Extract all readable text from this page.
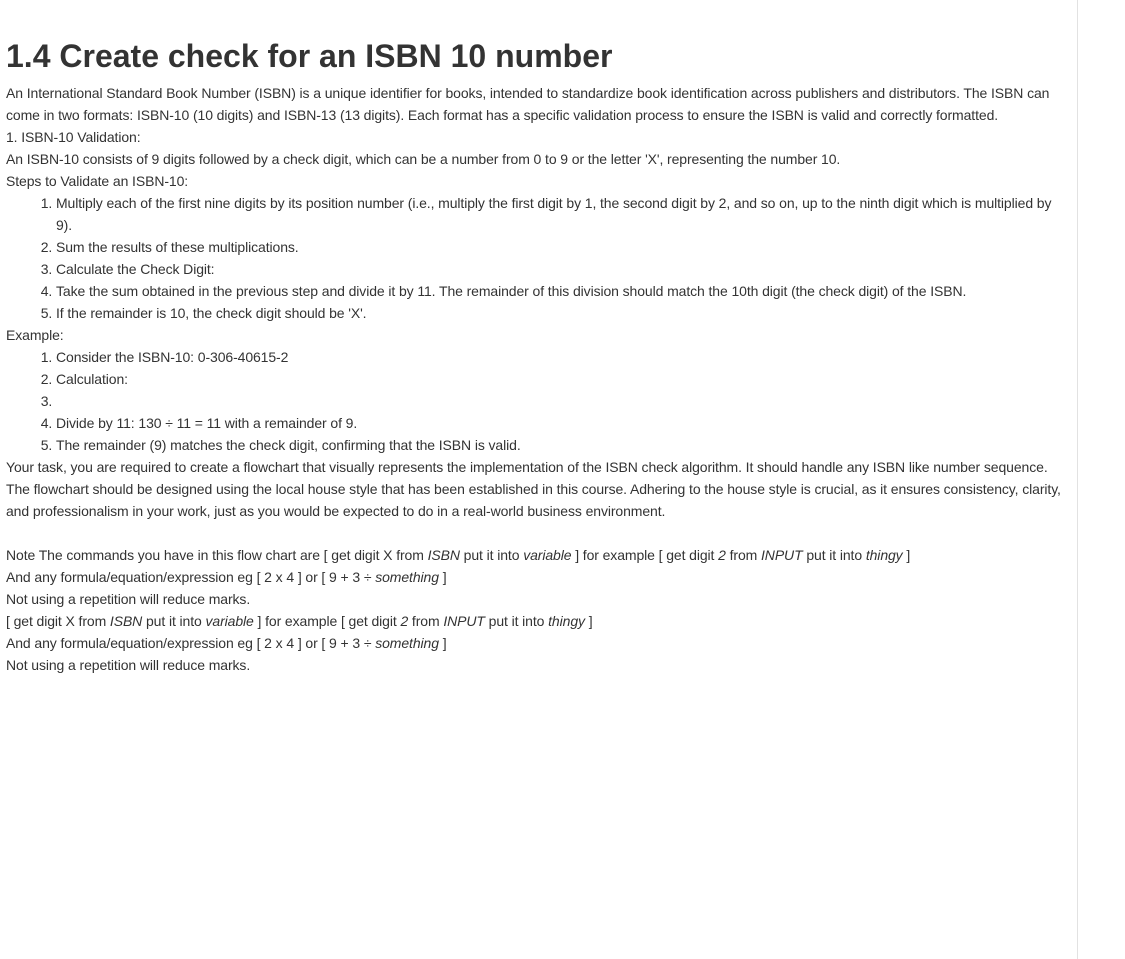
1.4 Create check for an ISBN 10 number

An International Standard Book Number (ISBN) is a unique identifier for books, intended to standardize book identification across publishers and distributors. The ISBN can come in two formats: ISBN-10 (10 digits) and ISBN-13 (13 digits). Each format has a specific validation process to ensure the ISBN is valid and correctly formatted.

1. ISBN-10 Validation:

An ISBN-10 consists of 9 digits followed by a check digit, which can be a number from 0 to 9 or the letter 'X', representing the number 10.

Steps to Validate an ISBN-10:

1. Multiply each of the first nine digits by its position number (i.e., multiply the first digit by 1, the second digit by 2, and so on, up to the ninth digit which is multiplied by 9).
2. Sum the results of these multiplications.
3. Calculate the Check Digit:
4. Take the sum obtained in the previous step and divide it by 11. The remainder of this division should match the 10th digit (the check digit) of the ISBN.
5. If the remainder is 10, the check digit should be 'X'.

Example:

1. Consider the ISBN-10: 0-306-40615-2
2. Calculation:
3.
4. Divide by 11: 130 ÷ 11 = 11 with a remainder of 9.
5. The remainder (9) matches the check digit, confirming that the ISBN is valid.

Your task, you are required to create a flowchart that visually represents the implementation of the ISBN check algorithm. It should handle any ISBN like number sequence. The flowchart should be designed using the local house style that has been established in this course. Adhering to the house style is crucial, as it ensures consistency, clarity, and professionalism in your work, just as you would be expected to do in a real-world business environment.

Note The commands you have in this flow chart are [ get digit X from ISBN put it into variable ] for example [ get digit 2 from INPUT put it into thingy ]

And any formula/equation/expression eg [ 2 x 4 ] or [ 9 + 3 ÷ something ]

Not using a repetition will reduce marks.

[ get digit X from ISBN put it into variable ] for example [ get digit 2 from INPUT put it into thingy ]

And any formula/equation/expression eg [ 2 x 4 ] or [ 9 + 3 ÷ something ]

Not using a repetition will reduce marks.
